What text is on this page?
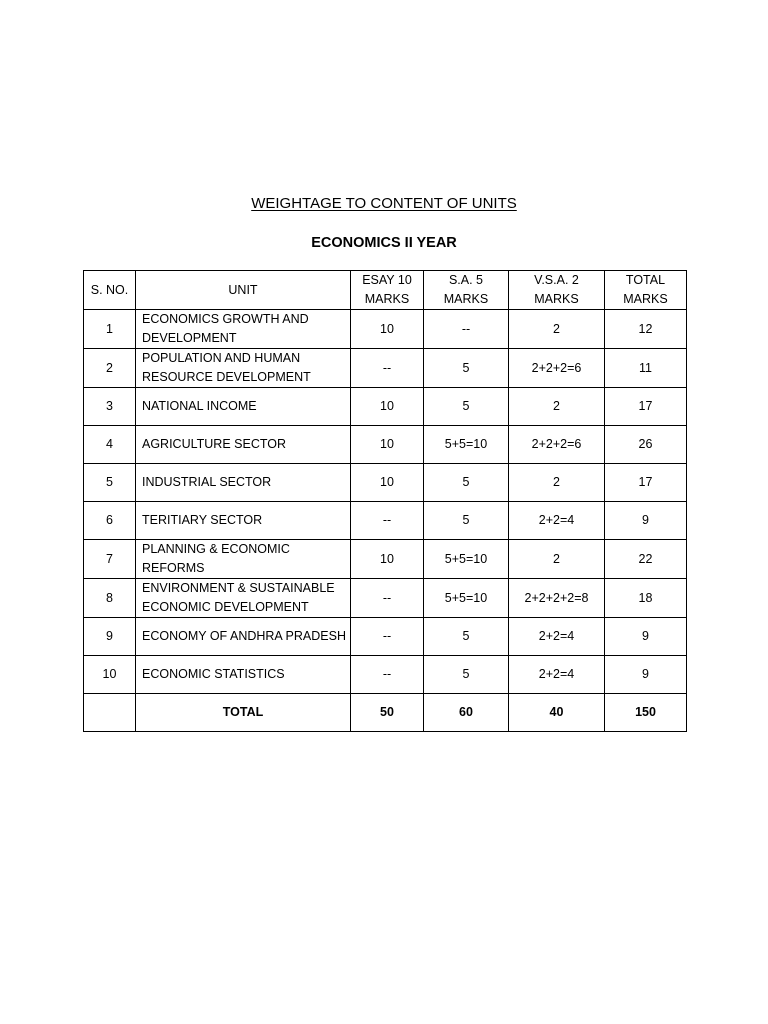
WEIGHTAGE TO CONTENT OF UNITS
ECONOMICS II YEAR
S. NO.	UNIT	ESAY 10 MARKS	S.A. 5 MARKS	V.S.A. 2 MARKS	TOTAL MARKS
1	ECONOMICS GROWTH AND DEVELOPMENT	10	--	2	12
2	POPULATION AND HUMAN RESOURCE DEVELOPMENT	--	5	2+2+2=6	11
3	NATIONAL INCOME	10	5	2	17
4	AGRICULTURE SECTOR	10	5+5=10	2+2+2=6	26
5	INDUSTRIAL SECTOR	10	5	2	17
6	TERITIARY SECTOR	--	5	2+2=4	9
7	PLANNING & ECONOMIC REFORMS	10	5+5=10	2	22
8	ENVIRONMENT & SUSTAINABLE ECONOMIC DEVELOPMENT	--	5+5=10	2+2+2+2=8	18
9	ECONOMY OF ANDHRA PRADESH	--	5	2+2=4	9
10	ECONOMIC STATISTICS	--	5	2+2=4	9
	TOTAL	50	60	40	150
